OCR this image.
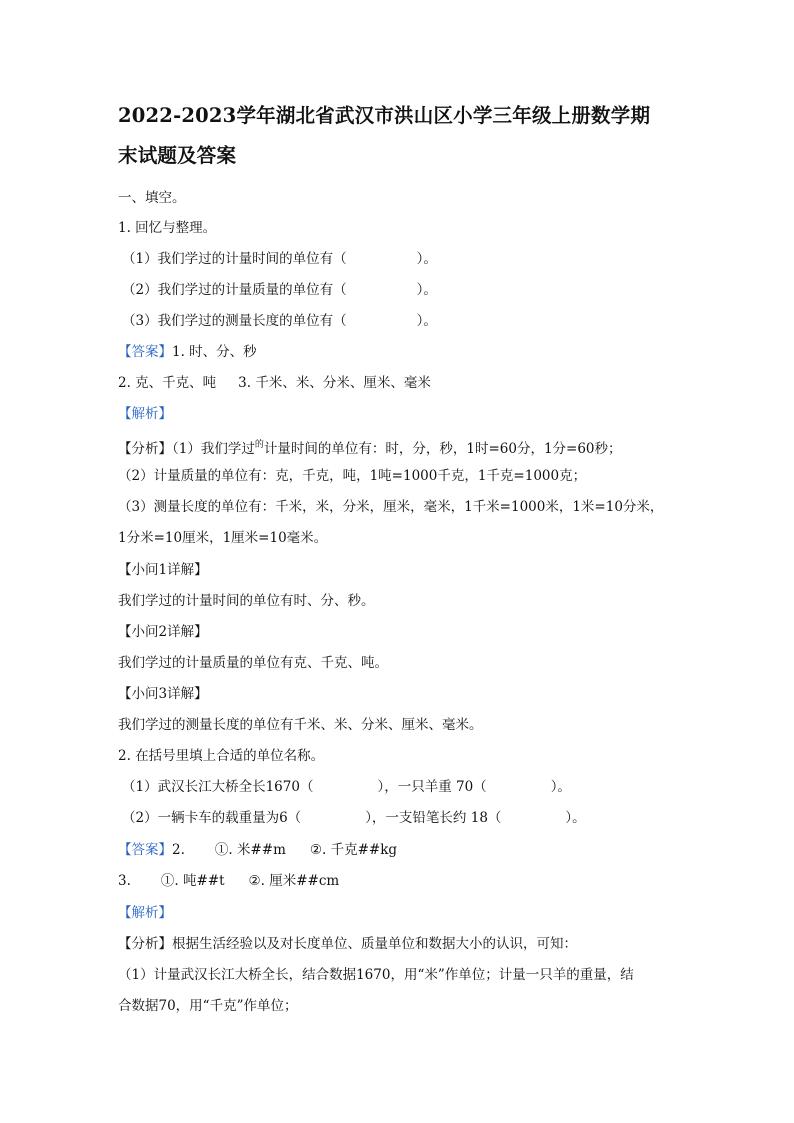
2022-2023学年湖北省武汉市洪山区小学三年级上册数学期
末试题及答案
一、填空。
1. 回忆与整理。
（1）我们学过的计量时间的单位有（	）。
（2）我们学过的计量质量的单位有（	）。
（3）我们学过的测量长度的单位有（	）。
【答案】1. 时、分、秒
2. 克、千克、吨 3. 千米、米、分米、厘米、毫米
【解析】
【分析】（1）我们学过$^的$计量时间的单位有：时，分，秒，1时=60分，1分=60秒；
（2）计量质量的单位有：克，千克，吨，1吨=1000千克，1千克=1000克；
（3）测量长度的单位有：千米，米，分米，厘米，毫米，1千米=1000米，1米=10分米，
1分米=10厘米，1厘米=10毫米。
【小问1详解】
我们学过的计量时间的单位有时、分、秒。
【小问2详解】
我们学过的计量质量的单位有克、千克、吨。
【小问3详解】
我们学过的测量长度的单位有千米、米、分米、厘米、毫米。
2. 在括号里填上合适的单位名称。
（1）武汉长江大桥全长1670（	），一只羊重 70（	）。
（2）一辆卡车的载重量为6（	），一支铅笔长约 18（	）。
【答案】2. ①. 米##m ②. 千克##kg
3. ①. 吨##t ②. 厘米##cm
【解析】
【分析】根据生活经验以及对长度单位、质量单位和数据大小的认识，可知：
（1）计量武汉长江大桥全长，结合数据1670，用“米”作单位；计量一只羊的重量，结
合数据70，用“千克”作单位；
